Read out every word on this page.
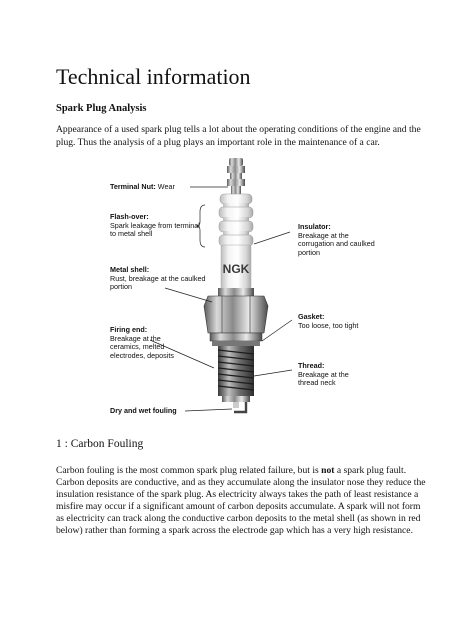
Technical information
Spark Plug Analysis
Appearance of a used spark plug tells a lot about the operating conditions of the engine and the plug. Thus the analysis of a plug plays an important role in the maintenance of a car.
NGK
Terminal Nut: Wear
Flash-over:
Spark leakage from terminal to metal shell
Metal shell:
Rust, breakage at the caulked portion
Firing end:
Breakage at the ceramics, melted electrodes, deposits
Dry and wet fouling
Insulator:
Breakage at the corrugation and caulked portion
Gasket:
Too loose, too tight
Thread:
Breakage at the thread neck
1 : Carbon Fouling
Carbon fouling is the most common spark plug related failure, but is not a spark plug fault. Carbon deposits are conductive, and as they accumulate along the insulator nose they reduce the insulation resistance of the spark plug. As electricity always takes the path of least resistance a misfire may occur if a significant amount of carbon deposits accumulate. A spark will not form as electricity can track along the conductive carbon deposits to the metal shell (as shown in red below) rather than forming a spark across the electrode gap which has a very high resistance.
